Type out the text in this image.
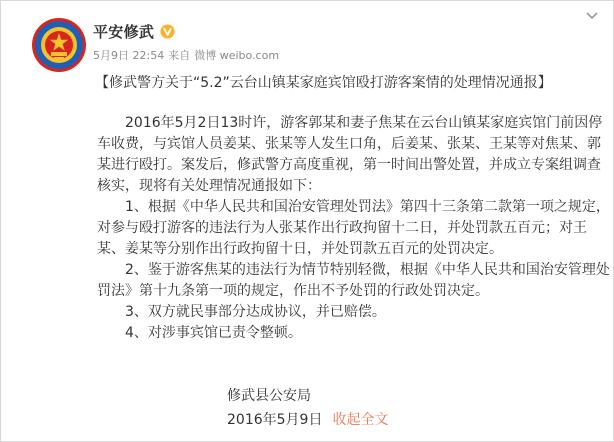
平安修武
5月9日 22:54 来自 微博 weibo.com
【修武警方关于“5.2”云台山镇某家庭宾馆殴打游客案情的处理情况通报】

2016年5月2日13时许，游客郭某和妻子焦某在云台山镇某家庭宾馆门前因停车收费，与宾馆人员姜某、张某等人发生口角，后姜某、张某、王某等对焦某、郭某进行殴打。案发后，修武警方高度重视，第一时间出警处置，并成立专案组调查核实，现将有关处理情况通报如下：

1、根据《中华人民共和国治安管理处罚法》第四十三条第二款第一项之规定，对参与殴打游客的违法行为人张某作出行政拘留十二日，并处罚款五百元；对王某、姜某等分别作出行政拘留十日，并处罚款五百元的处罚决定。

2、鉴于游客焦某的违法行为情节特别轻微，根据《中华人民共和国治安管理处罚法》第十九条第一项的规定，作出不予处罚的行政处罚决定。

3、双方就民事部分达成协议，并已赔偿。

4、对涉事宾馆已责令整顿。

修武县公安局
2016年5月9日 收起全文
